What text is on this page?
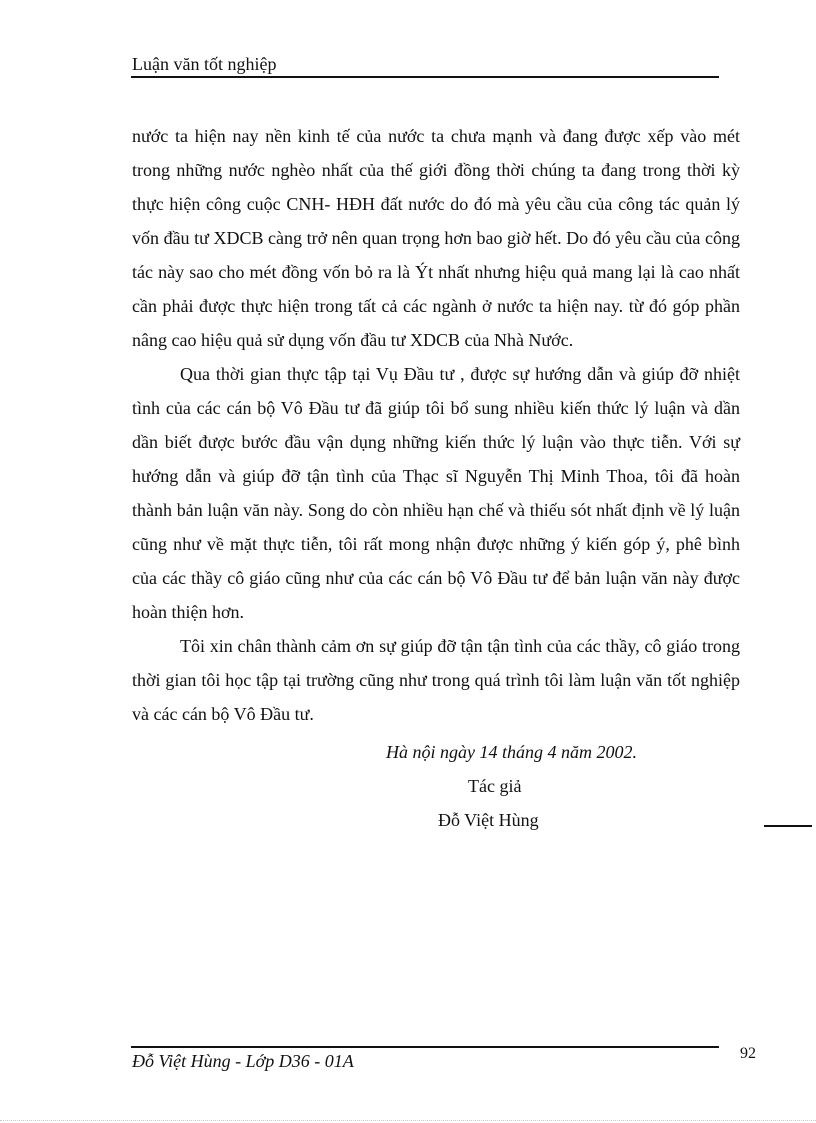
Luận văn tốt nghiệp

nước ta hiện nay nền kinh tế của nước ta chưa mạnh và đang được xếp vào mét trong những nước nghèo nhất của thế giới đồng thời chúng ta đang trong thời kỳ thực hiện công cuộc CNH- HĐH đất nước do đó mà yêu cầu của công tác quản lý vốn đầu tư XDCB càng trở nên quan trọng hơn bao giờ hết. Do đó yêu cầu của công tác này sao cho mét đồng vốn bỏ ra là Ýt nhất nhưng hiệu quả mang lại là cao nhất cần phải được thực hiện trong tất cả các ngành ở nước ta hiện nay. từ đó góp phần nâng cao hiệu quả sử dụng vốn đầu tư XDCB của Nhà Nước.

Qua thời gian thực tập tại Vụ Đầu tư , được sự hướng dẫn và giúp đỡ nhiệt tình của các cán bộ Vô Đầu tư đã giúp tôi bổ sung nhiều kiến thức lý luận và dần dần biết được bước đầu vận dụng những kiến thức lý luận vào thực tiễn. Với sự hướng dẫn và giúp đỡ tận tình của Thạc sĩ Nguyễn Thị Minh Thoa, tôi đã hoàn thành bản luận văn này. Song do còn nhiều hạn chế và thiếu sót nhất định về lý luận cũng như về mặt thực tiễn, tôi rất mong nhận được những ý kiến góp ý, phê bình của các thầy cô giáo cũng như của các cán bộ Vô Đầu tư để bản luận văn này được hoàn thiện hơn.

Tôi xin chân thành cảm ơn sự giúp đỡ tận tận tình của các thầy, cô giáo trong thời gian tôi học tập tại trường cũng như trong quá trình tôi làm luận văn tốt nghiệp và các cán bộ Vô Đầu tư.

Hà nội ngày 14 tháng 4 năm 2002.
Tác giả
Đỗ Việt Hùng
Đỗ Việt Hùng - Lớp D36 - 01A	92
